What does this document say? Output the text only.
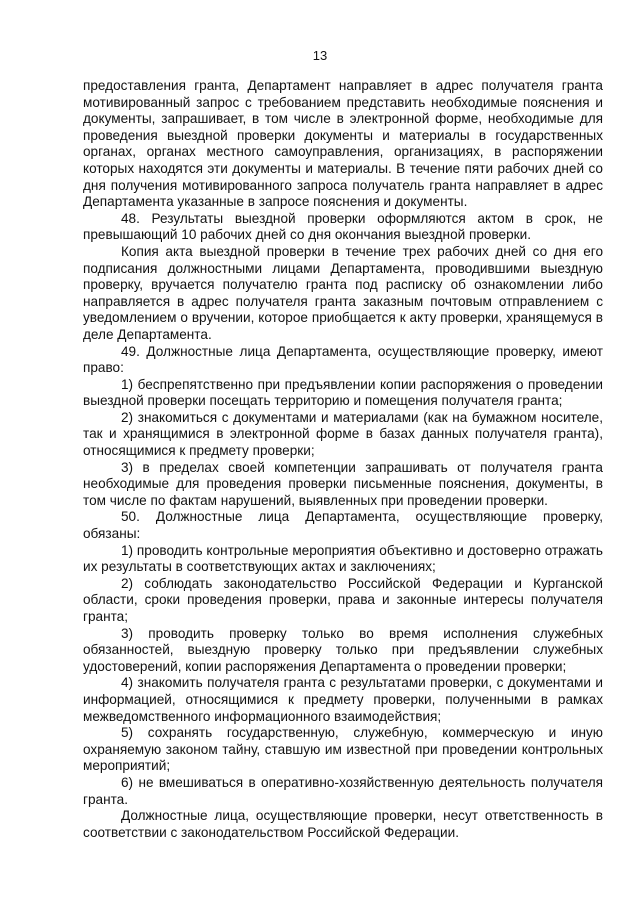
13

предоставления гранта, Департамент направляет в адрес получателя гранта мотивированный запрос с требованием представить необходимые пояснения и документы, запрашивает, в том числе в электронной форме, необходимые для проведения выездной проверки документы и материалы в государственных органах, органах местного самоуправления, организациях, в распоряжении которых находятся эти документы и материалы. В течение пяти рабочих дней со дня получения мотивированного запроса получатель гранта направляет в адрес Департамента указанные в запросе пояснения и документы.

48. Результаты выездной проверки оформляются актом в срок, не превышающий 10 рабочих дней со дня окончания выездной проверки.

Копия акта выездной проверки в течение трех рабочих дней со дня его подписания должностными лицами Департамента, проводившими выездную проверку, вручается получателю гранта под расписку об ознакомлении либо направляется в адрес получателя гранта заказным почтовым отправлением с уведомлением о вручении, которое приобщается к акту проверки, хранящемуся в деле Департамента.

49. Должностные лица Департамента, осуществляющие проверку, имеют право:

1) беспрепятственно при предъявлении копии распоряжения о проведении выездной проверки посещать территорию и помещения получателя гранта;

2) знакомиться с документами и материалами (как на бумажном носителе, так и хранящимися в электронной форме в базах данных получателя гранта), относящимися к предмету проверки;

3) в пределах своей компетенции запрашивать от получателя гранта необходимые для проведения проверки письменные пояснения, документы, в том числе по фактам нарушений, выявленных при проведении проверки.

50. Должностные лица Департамента, осуществляющие проверку, обязаны:

1) проводить контрольные мероприятия объективно и достоверно отражать их результаты в соответствующих актах и заключениях;

2) соблюдать законодательство Российской Федерации и Курганской области, сроки проведения проверки, права и законные интересы получателя гранта;

3) проводить проверку только во время исполнения служебных обязанностей, выездную проверку только при предъявлении служебных удостоверений, копии распоряжения Департамента о проведении проверки;

4) знакомить получателя гранта с результатами проверки, с документами и информацией, относящимися к предмету проверки, полученными в рамках межведомственного информационного взаимодействия;

5) сохранять государственную, служебную, коммерческую и иную охраняемую законом тайну, ставшую им известной при проведении контрольных мероприятий;

6) не вмешиваться в оперативно-хозяйственную деятельность получателя гранта.

Должностные лица, осуществляющие проверки, несут ответственность в соответствии с законодательством Российской Федерации.
